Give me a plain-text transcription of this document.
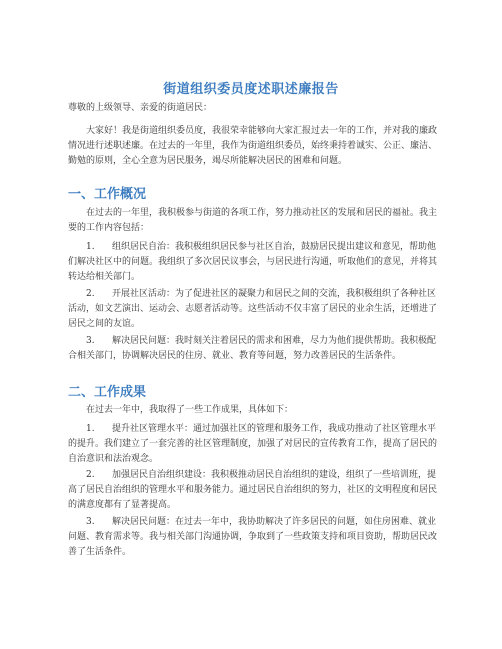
街道组织委员度述职述廉报告

尊敬的上级领导、亲爱的街道居民：

大家好！我是街道组织委员度，我很荣幸能够向大家汇报过去一年的工作，并对我的廉政情况进行述职述廉。在过去的一年里，我作为街道组织委员，始终秉持着诚实、公正、廉洁、勤勉的原则，全心全意为居民服务，竭尽所能解决居民的困难和问题。

一、工作概况

在过去的一年里，我积极参与街道的各项工作，努力推动社区的发展和居民的福祉。我主要的工作内容包括：

1. 组织居民自治：我积极组织居民参与社区自治，鼓励居民提出建议和意见，帮助他们解决社区中的问题。我组织了多次居民议事会，与居民进行沟通，听取他们的意见，并将其转达给相关部门。

2. 开展社区活动：为了促进社区的凝聚力和居民之间的交流，我积极组织了各种社区活动，如文艺演出、运动会、志愿者活动等。这些活动不仅丰富了居民的业余生活，还增进了居民之间的友谊。

3. 解决居民问题：我时刻关注着居民的需求和困难，尽力为他们提供帮助。我积极配合相关部门，协调解决居民的住房、就业、教育等问题，努力改善居民的生活条件。

二、工作成果

在过去一年中，我取得了一些工作成果，具体如下：

1. 提升社区管理水平：通过加强社区的管理和服务工作，我成功推动了社区管理水平的提升。我们建立了一套完善的社区管理制度，加强了对居民的宣传教育工作，提高了居民的自治意识和法治观念。

2. 加强居民自治组织建设：我积极推动居民自治组织的建设，组织了一些培训班，提高了居民自治组织的管理水平和服务能力。通过居民自治组织的努力，社区的文明程度和居民的满意度都有了显著提高。

3. 解决居民问题：在过去一年中，我协助解决了许多居民的问题，如住房困难、就业问题、教育需求等。我与相关部门沟通协调，争取到了一些政策支持和项目资助，帮助居民改善了生活条件。
